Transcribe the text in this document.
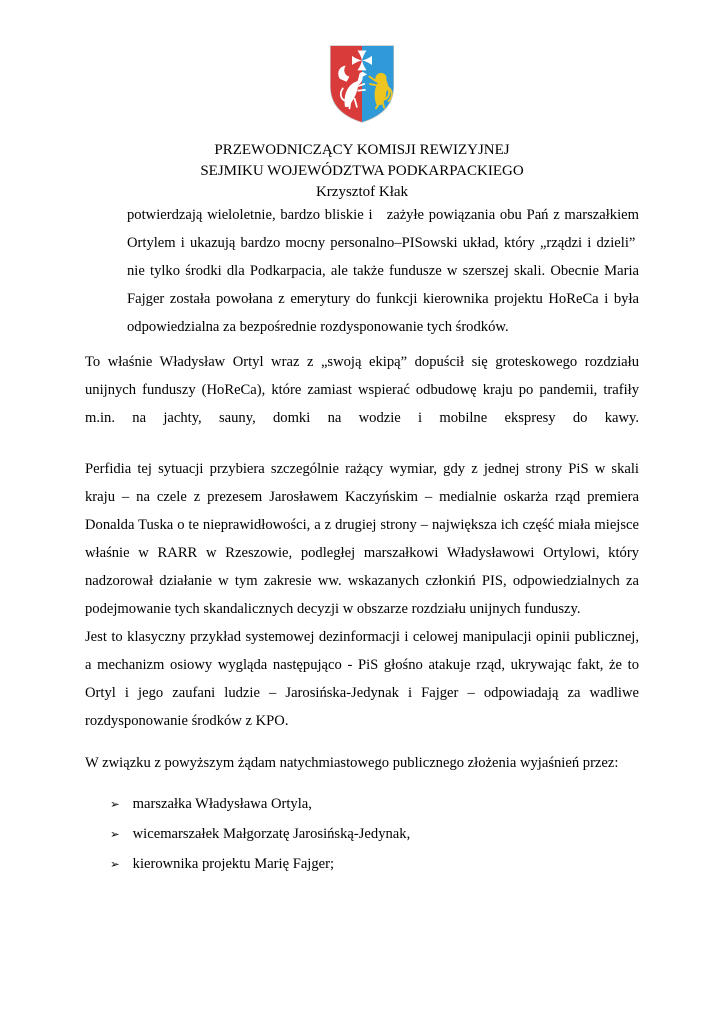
PRZEWODNICZĄCY KOMISJI REWIZYJNEJ
SEJMIKU WOJEWÓDZTWA PODKARPACKIEGO
Krzysztof Kłak

potwierdzają wieloletnie, bardzo bliskie i   zażyłe powiązania obu Pań z marszałkiem Ortylem i ukazują bardzo mocny personalno–PISowski układ, który „rządzi i dzieli”  nie tylko środki dla Podkarpacia, ale także fundusze w szerszej skali. Obecnie Maria Fajger została powołana z emerytury do funkcji kierownika projektu HoReCa i była odpowiedzialna za bezpośrednie rozdysponowanie tych środków.

To właśnie Władysław Ortyl wraz z „swoją ekipą” dopuścił się groteskowego rozdziału unijnych funduszy (HoReCa), które zamiast wspierać odbudowę kraju po pandemii, trafiły m.in. na jachty, sauny, domki na wodzie i mobilne ekspresy do kawy.

Perfidia tej sytuacji przybiera szczególnie rażący wymiar, gdy z jednej strony PiS w skali kraju – na czele z prezesem Jarosławem Kaczyńskim – medialnie oskarża rząd premiera Donalda Tuska o te nieprawidłowości, a z drugiej strony – największa ich część miała miejsce właśnie w RARR w Rzeszowie, podległej marszałkowi Władysławowi Ortylowi, który nadzorował działanie w tym zakresie ww. wskazanych członkiń PIS, odpowiedzialnych za podejmowanie tych skandalicznych decyzji w obszarze rozdziału unijnych funduszy.

Jest to klasyczny przykład systemowej dezinformacji i celowej manipulacji opinii publicznej, a mechanizm osiowy wygląda następująco - PiS głośno atakuje rząd, ukrywając fakt, że to Ortyl i jego zaufani ludzie – Jarosińska-Jedynak i Fajger – odpowiadają za wadliwe rozdysponowanie środków z KPO.

W związku z powyższym żądam natychmiastowego publicznego złożenia wyjaśnień przez:

➢ marszałka Władysława Ortyla,
➢ wicemarszałek Małgorzatę Jarosińską-Jedynak,
➢ kierownika projektu Marię Fajger;
